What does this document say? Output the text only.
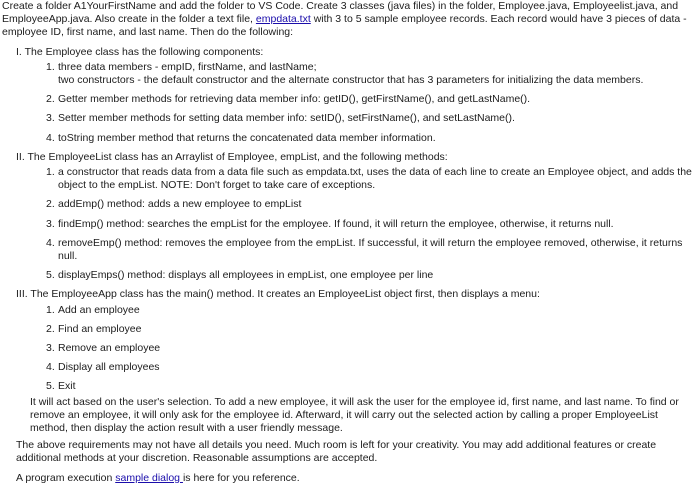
Create a folder A1YourFirstName and add the folder to VS Code. Create 3 classes (java files) in the folder, Employee.java, Employeelist.java, and EmployeeApp.java. Also create in the folder a text file, empdata.txt with 3 to 5 sample employee records. Each record would have 3 pieces of data - employee ID, first name, and last name. Then do the following:

I. The Employee class has the following components:

1. three data members - empID, firstName, and lastName;
two constructors - the default constructor and the alternate constructor that has 3 parameters for initializing the data members.
2. Getter member methods for retrieving data member info: getID(), getFirstName(), and getLastName().
3. Setter member methods for setting data member info: setID(), setFirstName(), and setLastName().
4. toString member method that returns the concatenated data member information.

II. The EmployeeList class has an Arraylist of Employee, empList, and the following methods:

1. a constructor that reads data from a data file such as empdata.txt, uses the data of each line to create an Employee object, and adds the object to the empList. NOTE: Don't forget to take care of exceptions.
2. addEmp() method: adds a new employee to empList
3. findEmp() method: searches the empList for the employee. If found, it will return the employee, otherwise, it returns null.
4. removeEmp() method: removes the employee from the empList. If successful, it will return the employee removed, otherwise, it returns null.
5. displayEmps() method: displays all employees in empList, one employee per line

III. The EmployeeApp class has the main() method. It creates an EmployeeList object first, then displays a menu:

1. Add an employee
2. Find an employee
3. Remove an employee
4. Display all employees
5. Exit

It will act based on the user's selection. To add a new employee, it will ask the user for the employee id, first name, and last name. To find or remove an employee, it will only ask for the employee id. Afterward, it will carry out the selected action by calling a proper EmployeeList method, then display the action result with a user friendly message.

The above requirements may not have all details you need. Much room is left for your creativity. You may add additional features or create additional methods at your discretion. Reasonable assumptions are accepted.

A program execution sample dialog is here for you reference.
